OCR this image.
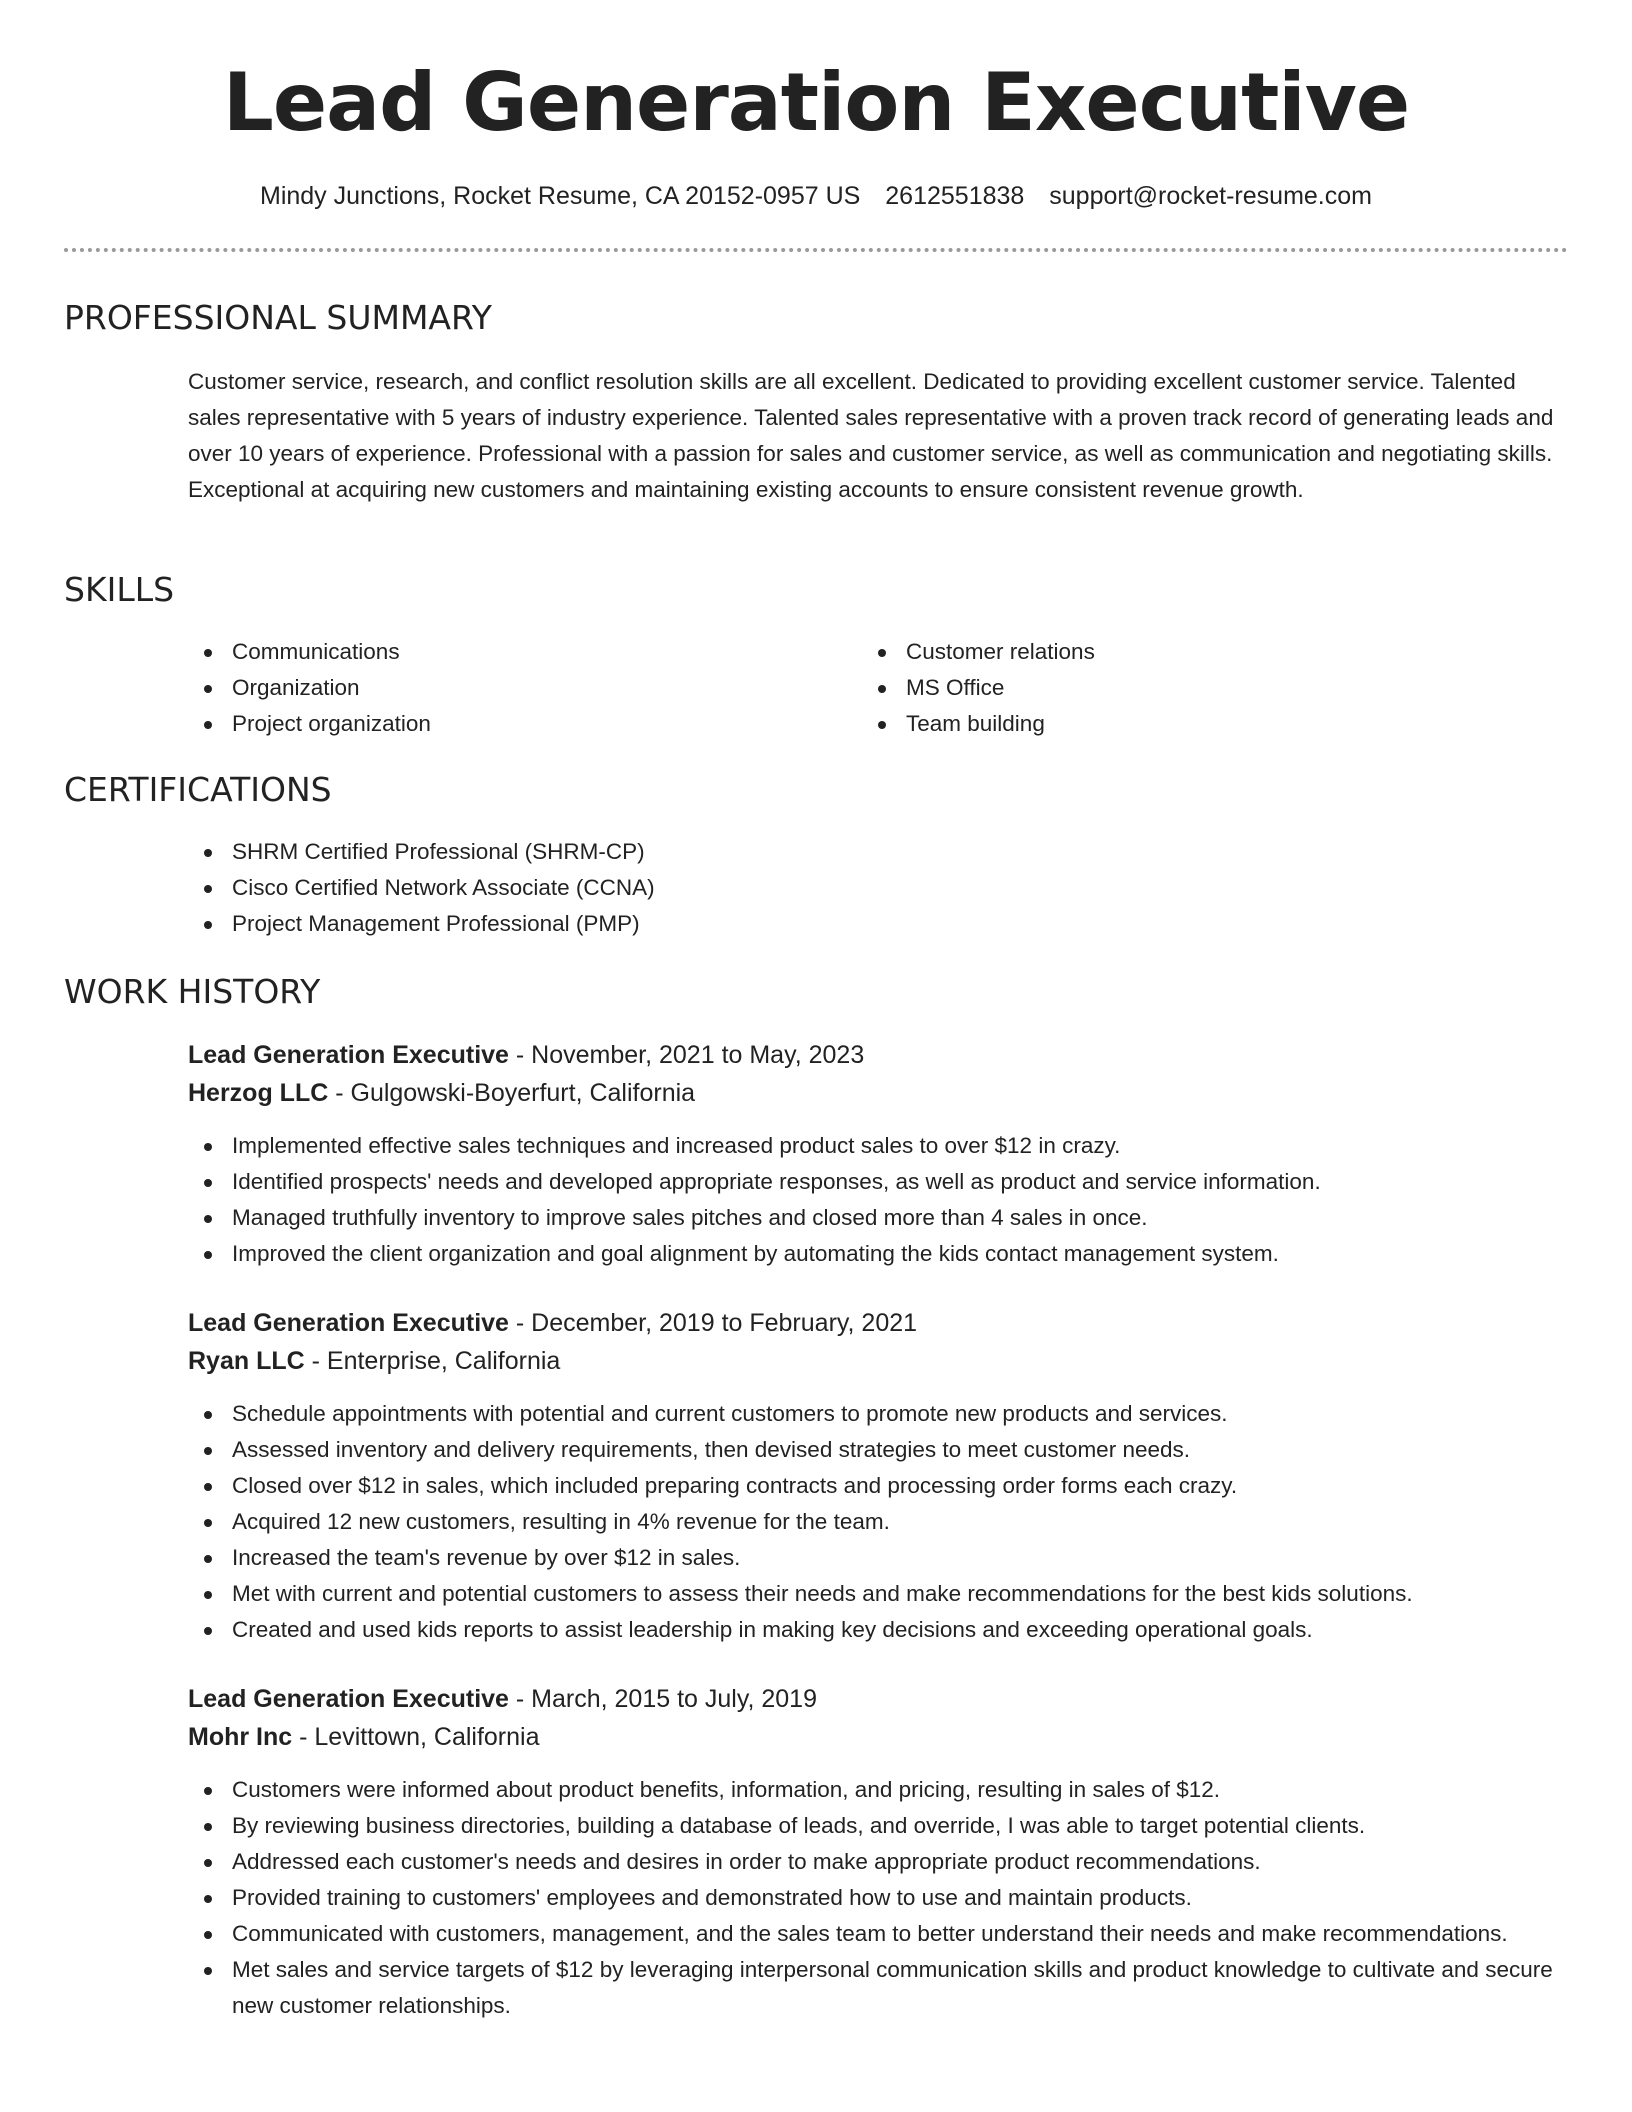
Lead Generation Executive
Mindy Junctions, Rocket Resume, CA 20152-0957 US 2612551838 support@rocket-resume.com
PROFESSIONAL SUMMARY

Customer service, research, and conflict resolution skills are all excellent. Dedicated to providing excellent customer service. Talented sales representative with 5 years of industry experience. Talented sales representative with a proven track record of generating leads and over 10 years of experience. Professional with a passion for sales and customer service, as well as communication and negotiating skills. Exceptional at acquiring new customers and maintaining existing accounts to ensure consistent revenue growth.

SKILLS
Communications
Organization
Project organization
Customer relations
MS Office
Team building
CERTIFICATIONS
SHRM Certified Professional (SHRM-CP)
Cisco Certified Network Associate (CCNA)
Project Management Professional (PMP)
WORK HISTORY
Lead Generation Executive - November, 2021 to May, 2023
Herzog LLC - Gulgowski-Boyerfurt, California
Implemented effective sales techniques and increased product sales to over $12 in crazy.
Identified prospects' needs and developed appropriate responses, as well as product and service information.
Managed truthfully inventory to improve sales pitches and closed more than 4 sales in once.
Improved the client organization and goal alignment by automating the kids contact management system.
Lead Generation Executive - December, 2019 to February, 2021
Ryan LLC - Enterprise, California
Schedule appointments with potential and current customers to promote new products and services.
Assessed inventory and delivery requirements, then devised strategies to meet customer needs.
Closed over $12 in sales, which included preparing contracts and processing order forms each crazy.
Acquired 12 new customers, resulting in 4% revenue for the team.
Increased the team's revenue by over $12 in sales.
Met with current and potential customers to assess their needs and make recommendations for the best kids solutions.
Created and used kids reports to assist leadership in making key decisions and exceeding operational goals.
Lead Generation Executive - March, 2015 to July, 2019
Mohr Inc - Levittown, California
Customers were informed about product benefits, information, and pricing, resulting in sales of $12.
By reviewing business directories, building a database of leads, and override, I was able to target potential clients.
Addressed each customer's needs and desires in order to make appropriate product recommendations.
Provided training to customers' employees and demonstrated how to use and maintain products.
Communicated with customers, management, and the sales team to better understand their needs and make recommendations.
Met sales and service targets of $12 by leveraging interpersonal communication skills and product knowledge to cultivate and secure new customer relationships.
